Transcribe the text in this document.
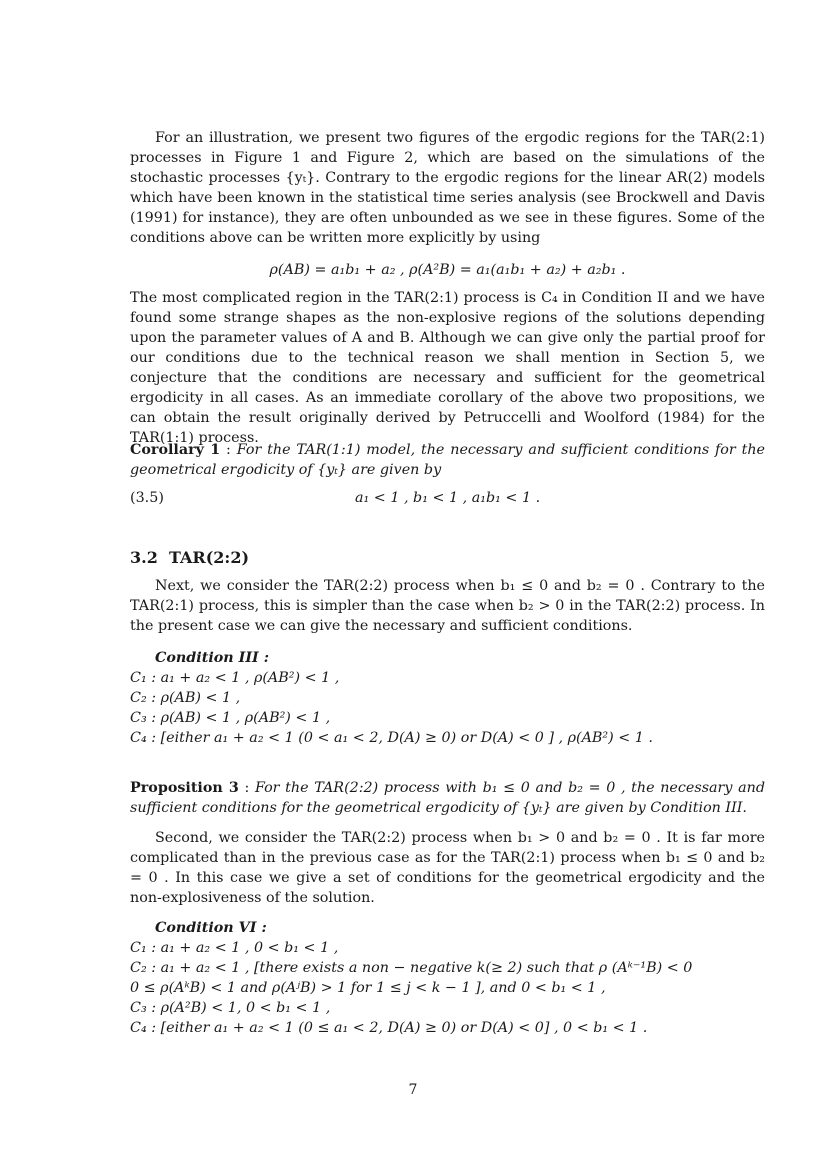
For an illustration, we present two figures of the ergodic regions for the TAR(2:1) processes in Figure 1 and Figure 2, which are based on the simulations of the stochastic processes {yₜ}. Contrary to the ergodic regions for the linear AR(2) models which have been known in the statistical time series analysis (see Brockwell and Davis (1991) for instance), they are often unbounded as we see in these figures. Some of the conditions above can be written more explicitly by using
ρ(AB) = a₁b₁ + a₂ , ρ(A²B) = a₁(a₁b₁ + a₂) + a₂b₁ .
The most complicated region in the TAR(2:1) process is C₄ in Condition II and we have found some strange shapes as the non-explosive regions of the solutions depending upon the parameter values of A and B. Although we can give only the partial proof for our conditions due to the technical reason we shall mention in Section 5, we conjecture that the conditions are necessary and sufficient for the geometrical ergodicity in all cases. As an immediate corollary of the above two propositions, we can obtain the result originally derived by Petruccelli and Woolford (1984) for the TAR(1:1) process.
Corollary 1 : For the TAR(1:1) model, the necessary and sufficient conditions for the geometrical ergodicity of {yₜ} are given by
(3.5)	a₁ < 1 , b₁ < 1 , a₁b₁ < 1 .
3.2 TAR(2:2)
Next, we consider the TAR(2:2) process when b₁ ≤ 0 and b₂ = 0 . Contrary to the TAR(2:1) process, this is simpler than the case when b₂ > 0 in the TAR(2:2) process. In the present case we can give the necessary and sufficient conditions.
Condition III :
C₁ : a₁ + a₂ < 1 , ρ(AB²) < 1 ,
C₂ : ρ(AB) < 1 ,
C₃ : ρ(AB) < 1 , ρ(AB²) < 1 ,
C₄ : [either a₁ + a₂ < 1 (0 < a₁ < 2, D(A) ≥ 0) or D(A) < 0 ] , ρ(AB²) < 1 .
Proposition 3 : For the TAR(2:2) process with b₁ ≤ 0 and b₂ = 0 , the necessary and sufficient conditions for the geometrical ergodicity of {yₜ} are given by Condition III.
Second, we consider the TAR(2:2) process when b₁ > 0 and b₂ = 0 . It is far more complicated than in the previous case as for the TAR(2:1) process when b₁ ≤ 0 and b₂ = 0 . In this case we give a set of conditions for the geometrical ergodicity and the non-explosiveness of the solution.
Condition VI :
C₁ : a₁ + a₂ < 1 , 0 < b₁ < 1 ,
C₂ : a₁ + a₂ < 1 , [there exists a non − negative k(≥ 2) such that ρ (Aᵏ⁻¹B) < 0
0 ≤ ρ(AᵏB) < 1 and ρ(AʲB) > 1 for 1 ≤ j < k − 1 ], and 0 < b₁ < 1 ,
C₃ : ρ(A²B) < 1, 0 < b₁ < 1 ,
C₄ : [either a₁ + a₂ < 1 (0 ≤ a₁ < 2, D(A) ≥ 0) or D(A) < 0] , 0 < b₁ < 1 .
7
